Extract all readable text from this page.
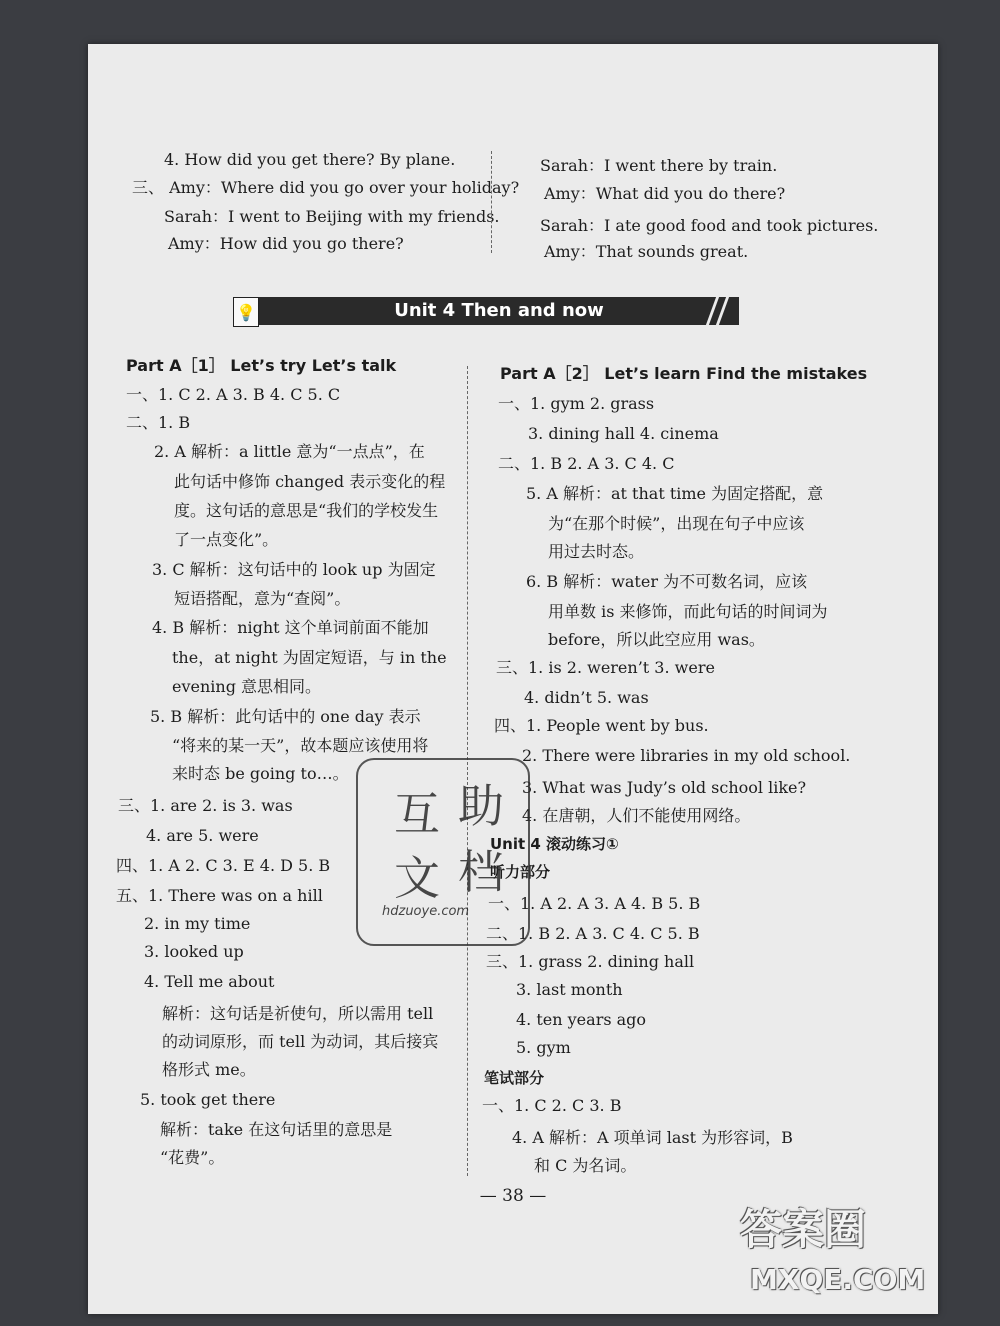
4. How did you get there? By plane.
三、 Amy：Where did you go over your holiday?
Sarah：I went to Beijing with my friends.
Amy：How did you go there?
Sarah：I went there by train.
Amy：What did you do there?
Sarah：I ate good food and took pictures.
Amy：That sounds great.
💡	Unit 4 Then and now
Part A［1］ Let’s try Let’s talk
一、1. C 2. A 3. B 4. C 5. C
二、1. B
2. A 解析：a little 意为“一点点”，在
此句话中修饰 changed 表示变化的程
度。这句话的意思是“我们的学校发生
了一点变化”。
3. C 解析：这句话中的 look up 为固定
短语搭配，意为“查阅”。
4. B 解析：night 这个单词前面不能加
the，at night 为固定短语，与 in the
evening 意思相同。
5. B 解析：此句话中的 one day 表示
“将来的某一天”，故本题应该使用将
来时态 be going to…。
三、1. are 2. is 3. was
4. are 5. were
四、1. A 2. C 3. E 4. D 5. B
五、1. There was on a hill
2. in my time
3. looked up
4. Tell me about
解析：这句话是祈使句，所以需用 tell
的动词原形，而 tell 为动词，其后接宾
格形式 me。
5. took get there
解析：take 在这句话里的意思是
“花费”。
Part A［2］ Let’s learn Find the mistakes
一、1. gym 2. grass
3. dining hall 4. cinema
二、1. B 2. A 3. C 4. C
5. A 解析：at that time 为固定搭配，意
为“在那个时候”，出现在句子中应该
用过去时态。
6. B 解析：water 为不可数名词，应该
用单数 is 来修饰，而此句话的时间词为
before，所以此空应用 was。
三、1. is 2. weren’t 3. were
4. didn’t 5. was
四、1. People went by bus.
2. There were libraries in my old school.
3. What was Judy’s old school like?
4. 在唐朝，人们不能使用网络。
Unit 4 滚动练习①
听力部分
一、1. A 2. A 3. A 4. B 5. B
二、1. B 2. A 3. C 4. C 5. B
三、1. grass 2. dining hall
3. last month
4. ten years ago
5. gym
笔试部分
一、1. C 2. C 3. B
4. A 解析：A 项单词 last 为形容词，B
和 C 为名词。
互 助
文 档
hdzuoye.com
— 38 —
答案圈
MXQE.COM
